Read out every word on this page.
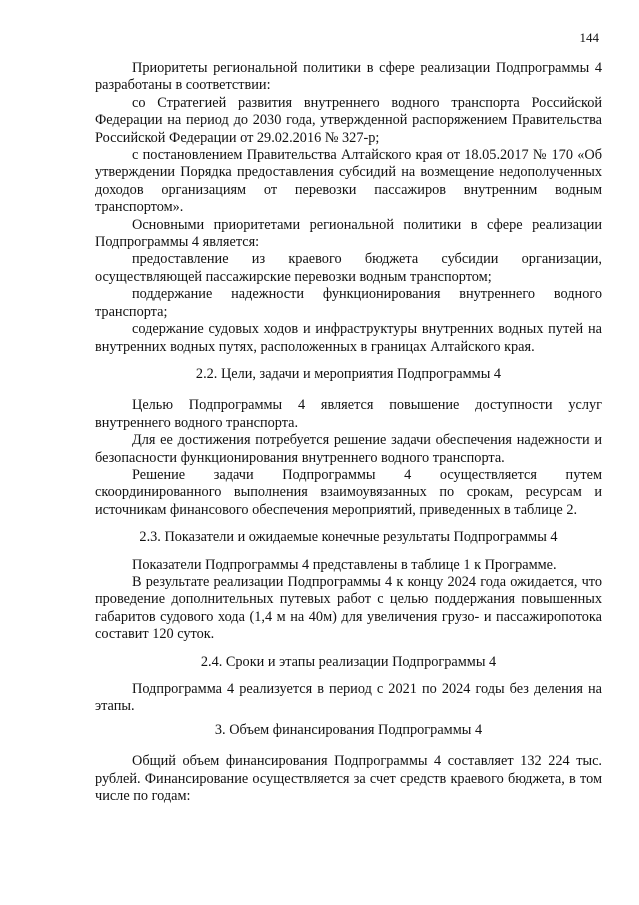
144

Приоритеты региональной политики в сфере реализации Подпрограммы 4 разработаны в соответствии:

со Стратегией развития внутреннего водного транспорта Российской Федерации на период до 2030 года, утвержденной распоряжением Правительства Российской Федерации от 29.02.2016 № 327-р;

с постановлением Правительства Алтайского края от 18.05.2017 № 170 «Об утверждении Порядка предоставления субсидий на возмещение недополученных доходов организациям от перевозки пассажиров внутренним водным транспортом».

Основными приоритетами региональной политики в сфере реализации Подпрограммы 4 является:

предоставление из краевого бюджета субсидии организации, осуществляющей пассажирские перевозки водным транспортом;

поддержание надежности функционирования внутреннего водного транспорта;

содержание судовых ходов и инфраструктуры внутренних водных путей на внутренних водных путях, расположенных в границах Алтайского края.

2.2. Цели, задачи и мероприятия Подпрограммы 4

Целью Подпрограммы 4 является повышение доступности услуг внутреннего водного транспорта.

Для ее достижения потребуется решение задачи обеспечения надежности и безопасности функционирования внутреннего водного транспорта.

Решение задачи Подпрограммы 4 осуществляется путем скоординированного выполнения взаимоувязанных по срокам, ресурсам и источникам финансового обеспечения мероприятий, приведенных в таблице 2.

2.3. Показатели и ожидаемые конечные результаты Подпрограммы 4

Показатели Подпрограммы 4 представлены в таблице 1 к Программе.

В результате реализации Подпрограммы 4 к концу 2024 года ожидается, что проведение дополнительных путевых работ с целью поддержания повышенных габаритов судового хода (1,4 м на 40м) для увеличения грузо- и пассажиропотока составит 120 суток.

2.4. Сроки и этапы реализации Подпрограммы 4

Подпрограмма 4 реализуется в период с 2021 по 2024 годы без деления на этапы.

3. Объем финансирования Подпрограммы 4

Общий объем финансирования Подпрограммы 4 составляет 132 224 тыс. рублей. Финансирование осуществляется за счет средств краевого бюджета, в том числе по годам:
